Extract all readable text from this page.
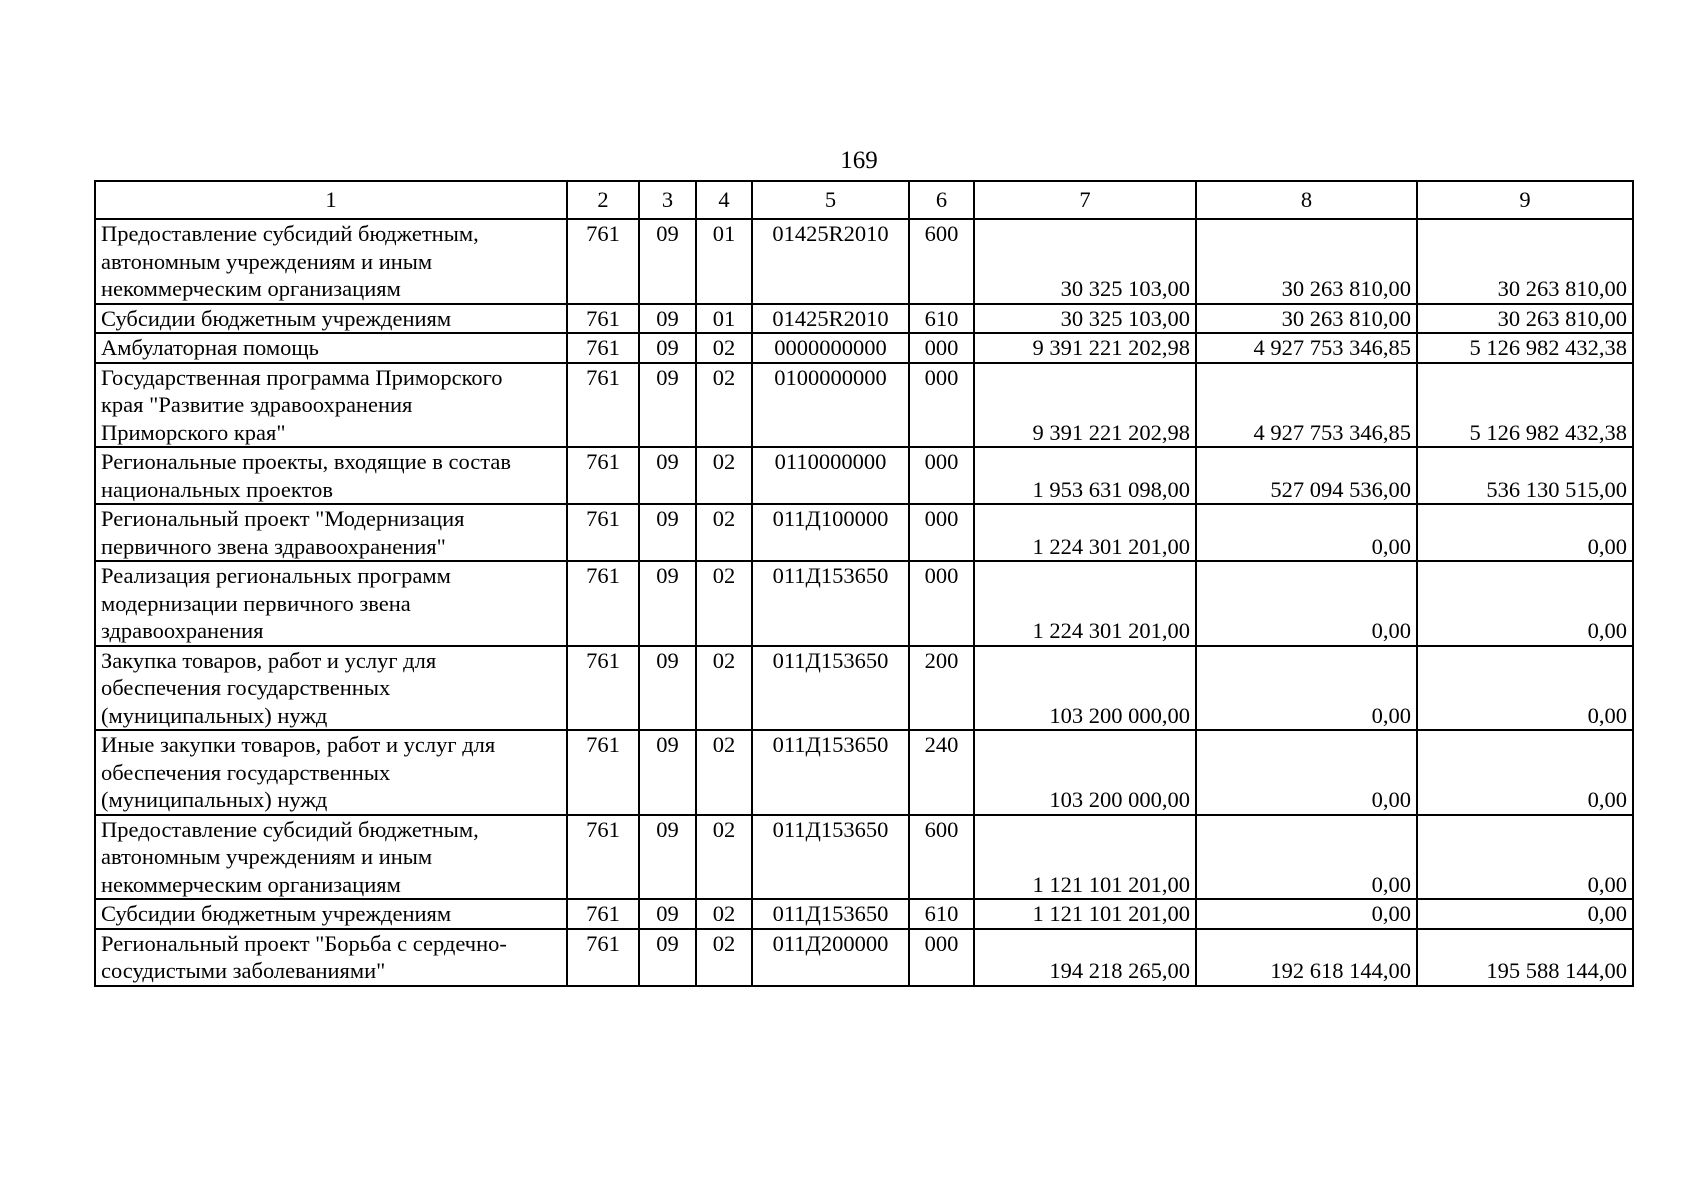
169
1	2	3	4	5	6	7	8	9
Предоставление субсидий бюджетным,
автономным учреждениям и иным
некоммерческим организациям	761	09	01	01425R2010	600	30 325 103,00	30 263 810,00	30 263 810,00
Субсидии бюджетным учреждениям	761	09	01	01425R2010	610	30 325 103,00	30 263 810,00	30 263 810,00
Амбулаторная помощь	761	09	02	0000000000	000	9 391 221 202,98	4 927 753 346,85	5 126 982 432,38
Государственная программа Приморского
края "Развитие здравоохранения
Приморского края"	761	09	02	0100000000	000	9 391 221 202,98	4 927 753 346,85	5 126 982 432,38
Региональные проекты, входящие в состав
национальных проектов	761	09	02	0110000000	000	1 953 631 098,00	527 094 536,00	536 130 515,00
Региональный проект "Модернизация
первичного звена здравоохранения"	761	09	02	011Д100000	000	1 224 301 201,00	0,00	0,00
Реализация региональных программ
модернизации первичного звена
здравоохранения	761	09	02	011Д153650	000	1 224 301 201,00	0,00	0,00
Закупка товаров, работ и услуг для
обеспечения государственных
(муниципальных) нужд	761	09	02	011Д153650	200	103 200 000,00	0,00	0,00
Иные закупки товаров, работ и услуг для
обеспечения государственных
(муниципальных) нужд	761	09	02	011Д153650	240	103 200 000,00	0,00	0,00
Предоставление субсидий бюджетным,
автономным учреждениям и иным
некоммерческим организациям	761	09	02	011Д153650	600	1 121 101 201,00	0,00	0,00
Субсидии бюджетным учреждениям	761	09	02	011Д153650	610	1 121 101 201,00	0,00	0,00
Региональный проект "Борьба с сердечно-
сосудистыми заболеваниями"	761	09	02	011Д200000	000	194 218 265,00	192 618 144,00	195 588 144,00
